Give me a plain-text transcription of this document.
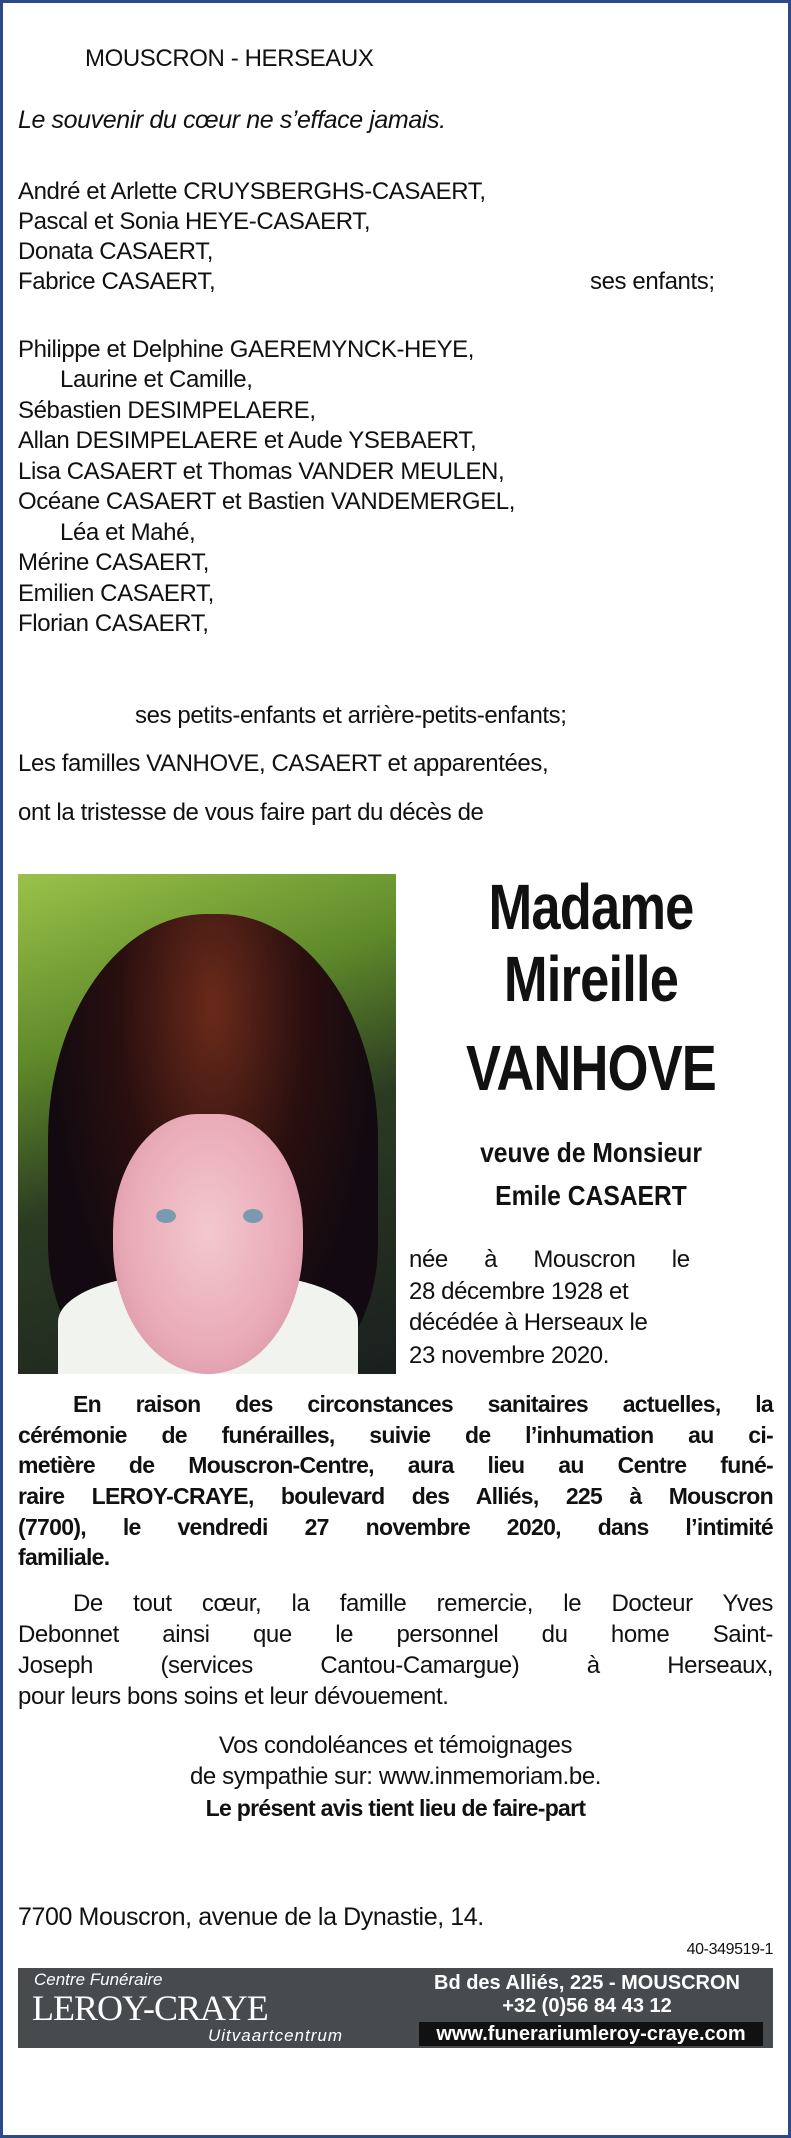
MOUSCRON - HERSEAUX
Le souvenir du cœur ne s’efface jamais.
André et Arlette CRUYSBERGHS-CASAERT,
Pascal et Sonia HEYE-CASAERT,
Donata CASAERT,
Fabrice CASAERT,	ses enfants;
Philippe et Delphine GAEREMYNCK-HEYE,
Laurine et Camille,
Sébastien DESIMPELAERE,
Allan DESIMPELAERE et Aude YSEBAERT,
Lisa CASAERT et Thomas VANDER MEULEN,
Océane CASAERT et Bastien VANDEMERGEL,
Léa et Mahé,
Mérine CASAERT,
Emilien CASAERT,
Florian CASAERT,
ses petits-enfants et arrière-petits-enfants;
Les familles VANHOVE, CASAERT et apparentées,
ont la tristesse de vous faire part du décès de
Madame
Mireille
VANHOVE
veuve de Monsieur
Emile CASAERT
née à Mouscron le
28 décembre 1928 et
décédée à Herseaux le
23 novembre 2020.
En raison des circonstances sanitaires actuelles, la
cérémonie de funérailles, suivie de l’inhumation au ci-
metière de Mouscron-Centre, aura lieu au Centre funé-
raire LEROY-CRAYE, boulevard des Alliés, 225 à Mouscron
(7700), le vendredi 27 novembre 2020, dans l’intimité
familiale.
De tout cœur, la famille remercie, le Docteur Yves
Debonnet ainsi que le personnel du home Saint-
Joseph (services Cantou-Camargue) à Herseaux,
pour leurs bons soins et leur dévouement.
Vos condoléances et témoignages
de sympathie sur: www.inmemoriam.be.
Le présent avis tient lieu de faire-part
7700 Mouscron, avenue de la Dynastie, 14.
40-349519-1
Centre Funéraire
LEROY-CRAYE
Uitvaartcentrum
Bd des Alliés, 225 - MOUSCRON
+32 (0)56 84 43 12
www.funerariumleroy-craye.com
